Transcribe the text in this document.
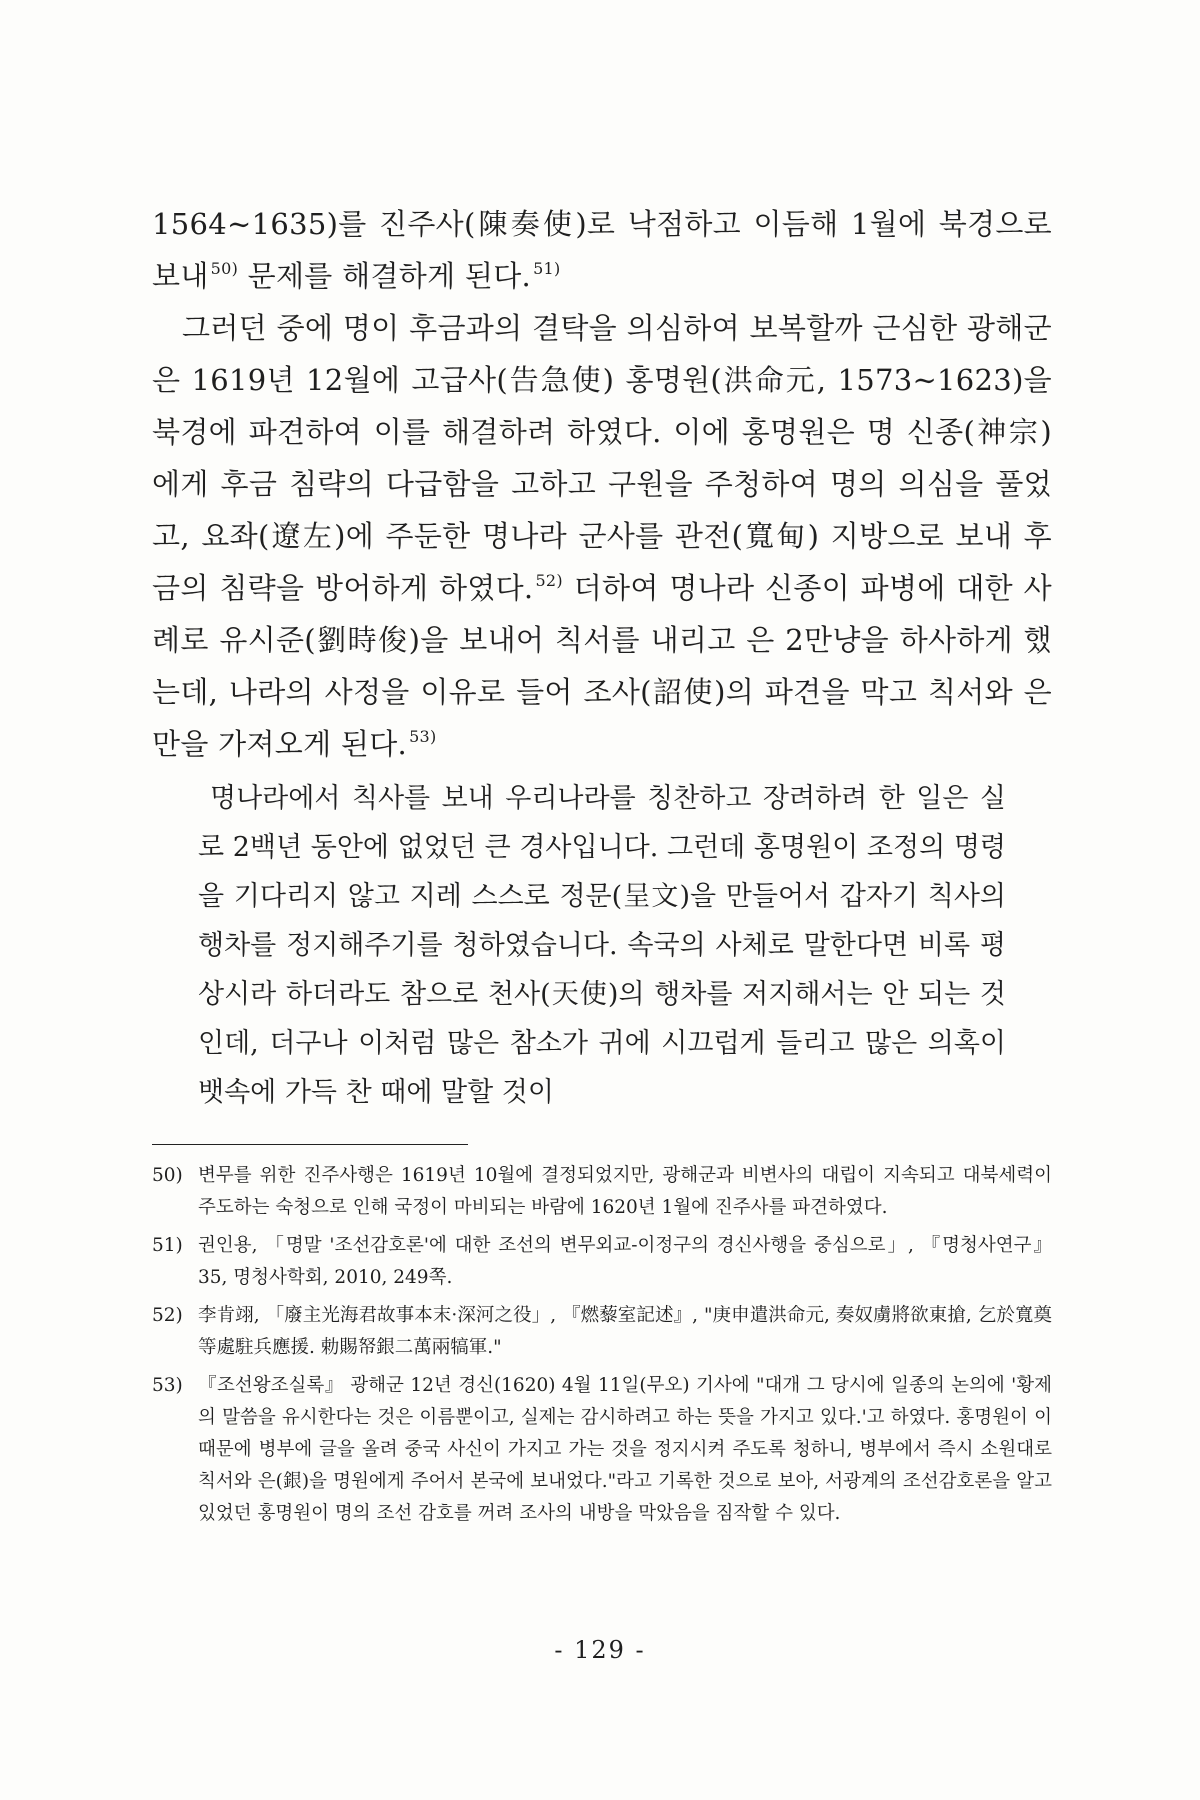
1564∼1635)를 진주사(陳奏使)로 낙점하고 이듬해 1월에 북경으로 보내 $^{50)}$ 문제를 해결하게 된다. $^{51)}$

그러던 중에 명이 후금과의 결탁을 의심하여 보복할까 근심한 광해군은 1619년 12월에 고급사(告急使) 홍명원(洪命元, 1573∼1623)을 북경에 파견하여 이를 해결하려 하였다. 이에 홍명원은 명 신종(神宗)에게 후금 침략의 다급함을 고하고 구원을 주청하여 명의 의심을 풀었고, 요좌(遼左)에 주둔한 명나라 군사를 관전(寬甸) 지방으로 보내 후금의 침략을 방어하게 하였다. $^{52)}$ 더하여 명나라 신종이 파병에 대한 사례로 유시준(劉時俊)을 보내어 칙서를 내리고 은 2만냥을 하사하게 했는데, 나라의 사정을 이유로 들어 조사(詔使)의 파견을 막고 칙서와 은만을 가져오게 된다. $^{53)}$

명나라에서 칙사를 보내 우리나라를 칭찬하고 장려하려 한 일은 실로 2백년 동안에 없었던 큰 경사입니다. 그런데 홍명원이 조정의 명령을 기다리지 않고 지레 스스로 정문(呈文)을 만들어서 갑자기 칙사의 행차를 정지해주기를 청하였습니다. 속국의 사체로 말한다면 비록 평상시라 하더라도 참으로 천사(天使)의 행차를 저지해서는 안 되는 것인데, 더구나 이처럼 많은 참소가 귀에 시끄럽게 들리고 많은 의혹이 뱃속에 가득 찬 때에 말할 것이

50) 변무를 위한 진주사행은 1619년 10월에 결정되었지만, 광해군과 비변사의 대립이 지속되고 대북세력이 주도하는 숙청으로 인해 국정이 마비되는 바람에 1620년 1월에 진주사를 파견하였다.
51) 권인용, 「명말 '조선감호론'에 대한 조선의 변무외교-이정구의 경신사행을 중심으로」, 『명청사연구』 35, 명청사학회, 2010, 249쪽.
52) 李肯翊, 「廢主光海君故事本末·深河之役」, 『燃藜室記述』, "庚申遣洪命元, 奏奴虜將欲東搶, 乞於寬奠等處駐兵應援. 勅賜帑銀二萬兩犒軍."
53) 『조선왕조실록』 광해군 12년 경신(1620) 4월 11일(무오) 기사에 "대개 그 당시에 일종의 논의에 '황제의 말씀을 유시한다는 것은 이름뿐이고, 실제는 감시하려고 하는 뜻을 가지고 있다.'고 하였다. 홍명원이 이 때문에 병부에 글을 올려 중국 사신이 가지고 가는 것을 정지시켜 주도록 청하니, 병부에서 즉시 소원대로 칙서와 은(銀)을 명원에게 주어서 본국에 보내었다."라고 기록한 것으로 보아, 서광계의 조선감호론을 알고 있었던 홍명원이 명의 조선 감호를 꺼려 조사의 내방을 막았음을 짐작할 수 있다.
- 129 -
